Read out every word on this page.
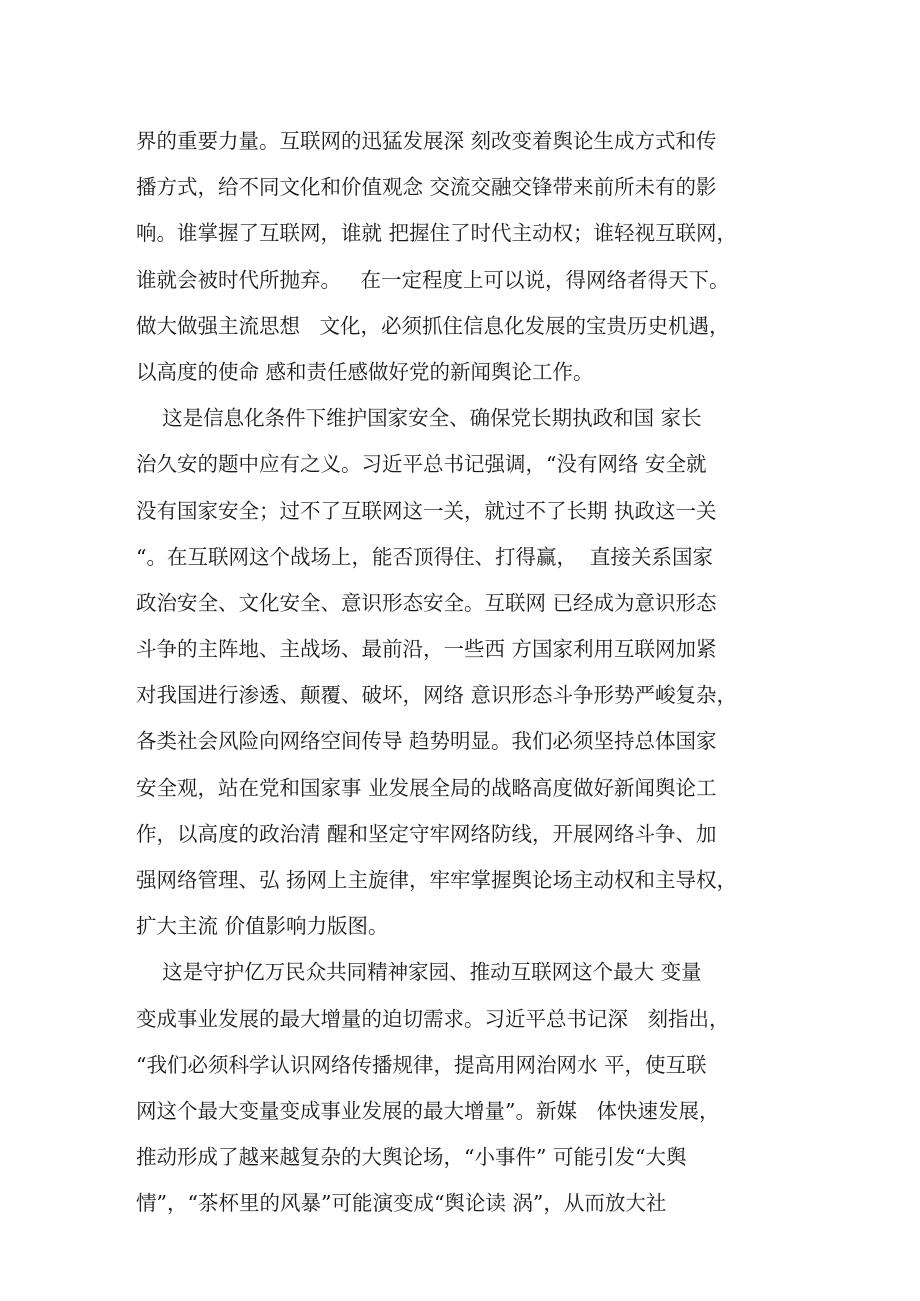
界的重要力量。互联网的迅猛发展深 刻改变着舆论生成方式和传
播方式，给不同文化和价值观念 交流交融交锋带来前所未有的影
响。谁掌握了互联网，谁就 把握住了时代主动权；谁轻视互联网，
谁就会被时代所抛弃。   在一定程度上可以说，得网络者得天下。
做大做强主流思想   文化，必须抓住信息化发展的宝贵历史机遇，
以高度的使命 感和责任感做好党的新闻舆论工作。
这是信息化条件下维护国家安全、确保党长期执政和国 家长
治久安的题中应有之义。习近平总书记强调，“没有网络 安全就
没有国家安全；过不了互联网这一关，就过不了长期 执政这一关
“。在互联网这个战场上，能否顶得住、打得赢，  直接关系国家
政治安全、文化安全、意识形态安全。互联网 已经成为意识形态
斗争的主阵地、主战场、最前沿，一些西 方国家利用互联网加紧
对我国进行渗透、颠覆、破坏，网络 意识形态斗争形势严峻复杂，
各类社会风险向网络空间传导 趋势明显。我们必须坚持总体国家
安全观，站在党和国家事 业发展全局的战略高度做好新闻舆论工
作，以高度的政治清 醒和坚定守牢网络防线，开展网络斗争、加
强网络管理、弘 扬网上主旋律，牢牢掌握舆论场主动权和主导权，
扩大主流 价值影响力版图。
这是守护亿万民众共同精神家园、推动互联网这个最大 变量
变成事业发展的最大增量的迫切需求。习近平总书记深   刻指出，
“我们必须科学认识网络传播规律，提高用网治网水 平，使互联
网这个最大变量变成事业发展的最大增量”。新媒   体快速发展，
推动形成了越来越复杂的大舆论场，“小事件” 可能引发“大舆
情”，“茶杯里的风暴”可能演变成“舆论读 涡”，从而放大社
